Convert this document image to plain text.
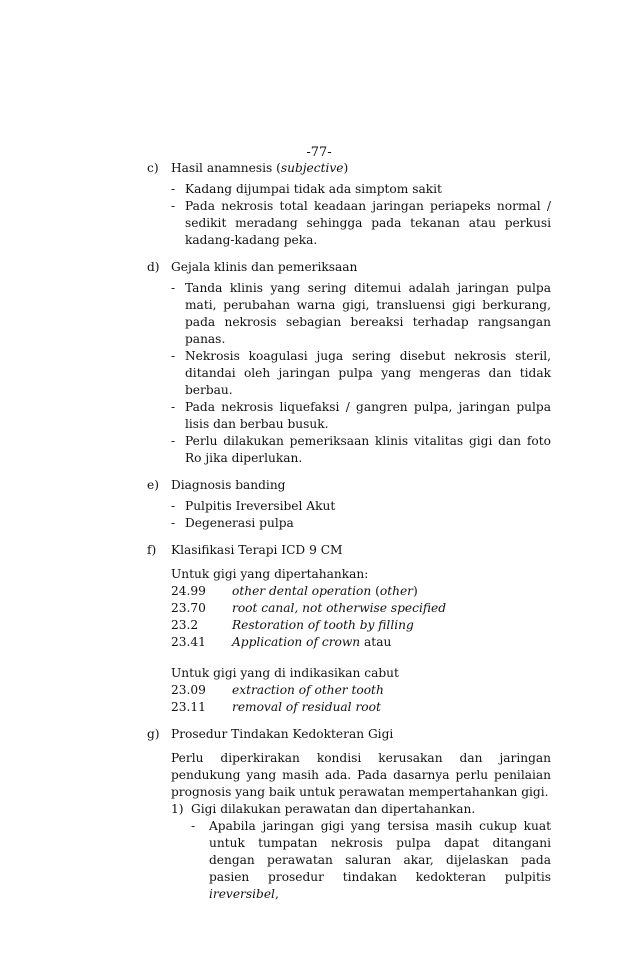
-77-
c)	Hasil anamnesis (subjective)
- Kadang dijumpai tidak ada simptom sakit
- Pada nekrosis total keadaan jaringan periapeks normal / sedikit meradang sehingga pada tekanan atau perkusi kadang-kadang peka.
d) Gejala klinis dan pemeriksaan
- Tanda klinis yang sering ditemui adalah jaringan pulpa mati, perubahan warna gigi, transluensi gigi berkurang, pada nekrosis sebagian bereaksi terhadap rangsangan panas.
- Nekrosis koagulasi juga sering disebut nekrosis steril, ditandai oleh jaringan pulpa yang mengeras dan tidak berbau.
- Pada nekrosis liquefaksi / gangren pulpa, jaringan pulpa lisis dan berbau busuk.
- Perlu dilakukan pemeriksaan klinis vitalitas gigi dan foto Ro jika diperlukan.
e) Diagnosis banding
- Pulpitis Ireversibel Akut
- Degenerasi pulpa
f)	Klasifikasi Terapi ICD 9 CM
Untuk gigi yang dipertahankan:
24.99	other dental operation (other)
23.70	root canal, not otherwise specified
23.2	Restoration of tooth by filling
23.41	Application of crown atau
Untuk gigi yang di indikasikan cabut
23.09	extraction of other tooth
23.11	removal of residual root
g) Prosedur Tindakan Kedokteran Gigi
Perlu diperkirakan kondisi kerusakan dan jaringan pendukung yang masih ada. Pada dasarnya perlu penilaian prognosis yang baik untuk perawatan mempertahankan gigi.
1) Gigi dilakukan perawatan dan dipertahankan.
-	Apabila jaringan gigi yang tersisa masih cukup kuat untuk tumpatan nekrosis pulpa dapat ditangani dengan perawatan saluran akar, dijelaskan pada pasien prosedur tindakan kedokteran pulpitis ireversibel,
